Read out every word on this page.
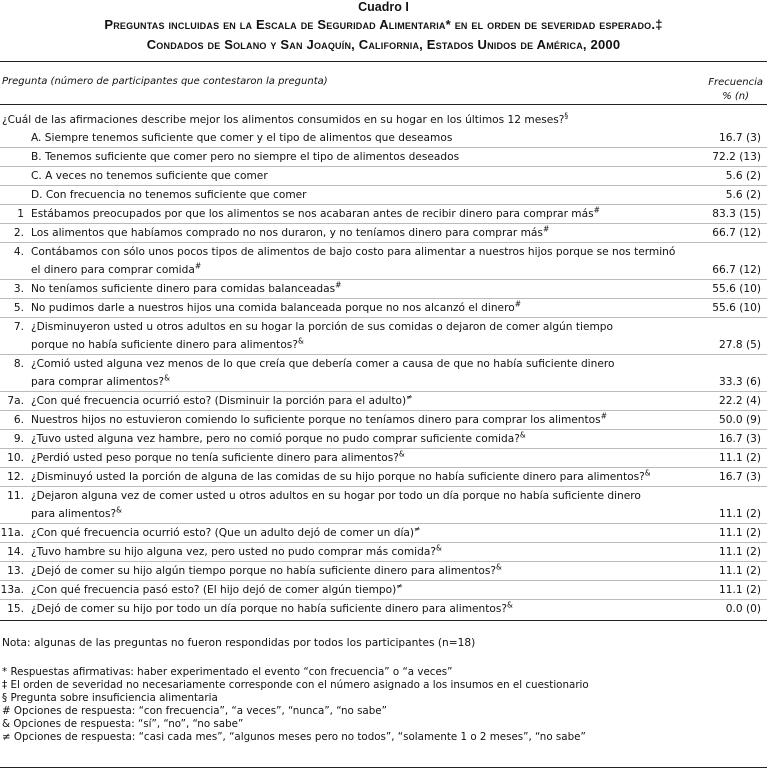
Cuadro I
Preguntas incluidas en la Escala de Seguridad Alimentaria* en el orden de severidad esperado.‡
Condados de Solano y San Joaquín, California, Estados Unidos de América, 2000
Pregunta (número de participantes que contestaron la pregunta)	Frecuencia
% (n)
¿Cuál de las afirmaciones describe mejor los alimentos consumidos en su hogar en los últimos 12 meses?§
A. Siempre tenemos suficiente que comer y el tipo de alimentos que deseamos	16.7 (3)
B. Tenemos suficiente que comer pero no siempre el tipo de alimentos deseados	72.2 (13)
C. A veces no tenemos suficiente que comer	5.6 (2)
D. Con frecuencia no tenemos suficiente que comer	5.6 (2)
1 Estábamos preocupados por que los alimentos se nos acabaran antes de recibir dinero para comprar más#	83.3 (15)
2. Los alimentos que habíamos comprado no nos duraron, y no teníamos dinero para comprar más#	66.7 (12)
4. Contábamos con sólo unos pocos tipos de alimentos de bajo costo para alimentar a nuestros hijos porque se nos terminó
el dinero para comprar comida#	66.7 (12)
3. No teníamos suficiente dinero para comidas balanceadas#	55.6 (10)
5. No pudimos darle a nuestros hijos una comida balanceada porque no nos alcanzó el dinero#	55.6 (10)
7. ¿Disminuyeron usted u otros adultos en su hogar la porción de sus comidas o dejaron de comer algún tiempo
porque no había suficiente dinero para alimentos?&	27.8 (5)
8. ¿Comió usted alguna vez menos de lo que creía que debería comer a causa de que no había suficiente dinero
para comprar alimentos?&	33.3 (6)
7a. ¿Con qué frecuencia ocurrió esto? (Disminuir la porción para el adulto)≠	22.2 (4)
6. Nuestros hijos no estuvieron comiendo lo suficiente porque no teníamos dinero para comprar los alimentos#	50.0 (9)
9. ¿Tuvo usted alguna vez hambre, pero no comió porque no pudo comprar suficiente comida?&	16.7 (3)
10. ¿Perdió usted peso porque no tenía suficiente dinero para alimentos?&	11.1 (2)
12. ¿Disminuyó usted la porción de alguna de las comidas de su hijo porque no había suficiente dinero para alimentos?&	16.7 (3)
11. ¿Dejaron alguna vez de comer usted u otros adultos en su hogar por todo un día porque no había suficiente dinero
para alimentos?&	11.1 (2)
11a. ¿Con qué frecuencia ocurrió esto? (Que un adulto dejó de comer un día)≠	11.1 (2)
14. ¿Tuvo hambre su hijo alguna vez, pero usted no pudo comprar más comida?&	11.1 (2)
13. ¿Dejó de comer su hijo algún tiempo porque no había suficiente dinero para alimentos?&	11.1 (2)
13a. ¿Con qué frecuencia pasó esto? (El hijo dejó de comer algún tiempo)≠	11.1 (2)
15. ¿Dejó de comer su hijo por todo un día porque no había suficiente dinero para alimentos?&	0.0 (0)
Nota: algunas de las preguntas no fueron respondidas por todos los participantes (n=18)
* Respuestas afirmativas: haber experimentado el evento “con frecuencia” o “a veces”
‡ El orden de severidad no necesariamente corresponde con el número asignado a los insumos en el cuestionario
§ Pregunta sobre insuficiencia alimentaria
# Opciones de respuesta: “con frecuencia”, “a veces”, “nunca”, “no sabe”
& Opciones de respuesta: “sí”, “no”, “no sabe”
≠ Opciones de respuesta: “casi cada mes”, “algunos meses pero no todos”, “solamente 1 o 2 meses”, “no sabe”
